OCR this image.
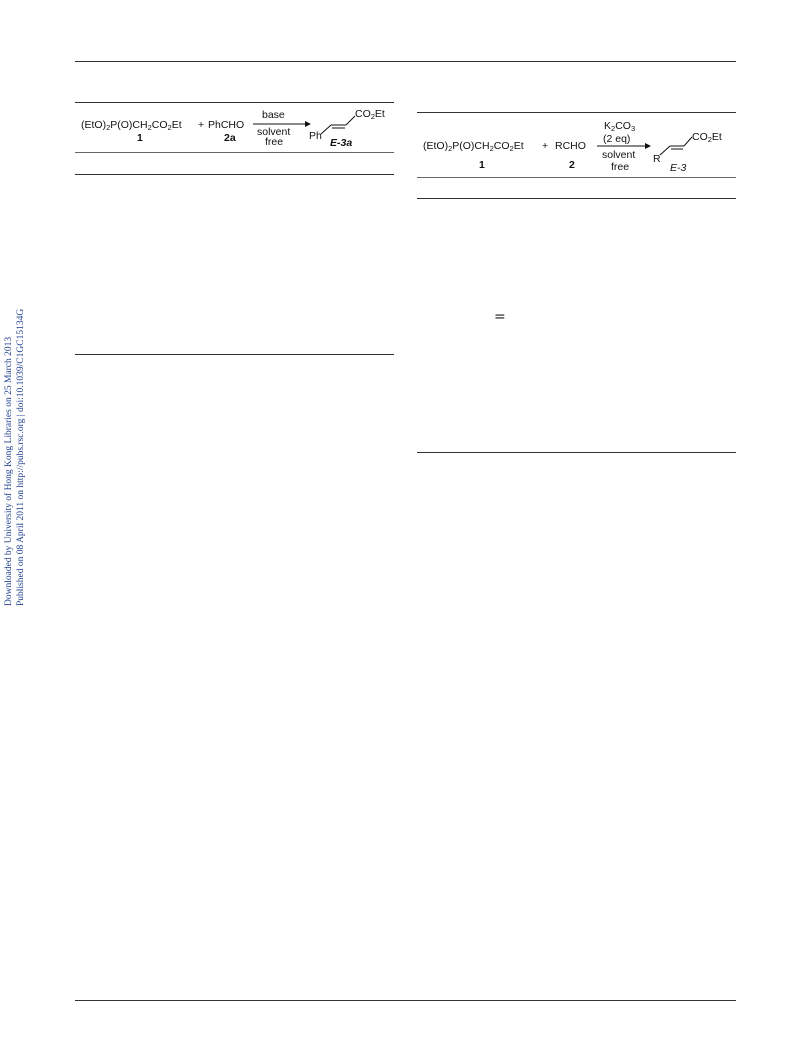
Downloaded by University of Hong Kong Libraries on 25 March 2013 Published on 08 April 2011 on http://pubs.rsc.org | doi:10.1039/C1GC15134G
$(EtO)_2P(O)CH_2CO_2Et$ + PhCHO
1	2a
base
solvent
free
$CO_2Et$
Ph
E-3a	$(EtO)_2P(O)CH_2CO_2Et$ + RCHO
1	2
$K_2CO_3$
(2 eq)
solvent
free
$CO_2Et$
R
E-3
=
